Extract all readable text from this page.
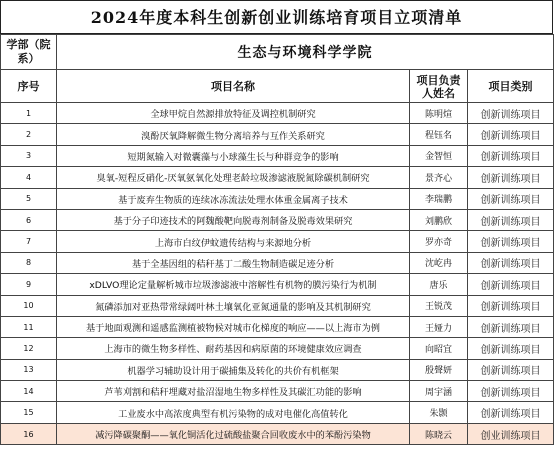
2024年度本科生创新创业训练培育项目立项清单
学部（院系）	生态与环境科学学院		
序号	项目名称	项目负责人姓名	项目类别
1	全球甲烷自然源排放特征及调控机制研究	陈明煊	创新训练项目
2	溴酚厌氧降解微生物分离培养与互作关系研究	程钰名	创新训练项目
3	短期氮输入对微囊藻与小球藻生长与种群竞争的影响	金智恒	创新训练项目
4	臭氧-短程反硝化-厌氧氨氧化处理老龄垃圾渗滤液脱氮除碳机制研究	景齐心	创新训练项目
5	基于废弃生物质的连续冰冻流法处理水体重金属离子技术	李瑞鹏	创新训练项目
6	基于分子印迹技术的阿魏酸靶向脱毒剂制备及脱毒效果研究	刘鹏欣	创新训练项目
7	上海市白纹伊蚊遗传结构与来源地分析	罗亦奇	创新训练项目
8	基于全基因组的秸秆基丁二酸生物制造碳足迹分析	沈屹冉	创新训练项目
9	xDLVO理论定量解析城市垃圾渗滤液中溶解性有机物的膜污染行为机制	唐乐	创新训练项目
10	氮磷添加对亚热带常绿阔叶林土壤氧化亚氮通量的影响及其机制研究	王锐茂	创新训练项目
11	基于地面观测和遥感监测植被物候对城市化梯度的响应——以上海市为例	王娅力	创新训练项目
12	上海市的微生物多样性、耐药基因和病原菌的环境健康效应调查	向昭宜	创新训练项目
13	机器学习辅助设计用于碳捕集及转化的共价有机框架	殷聲妍	创新训练项目
14	芦苇刈割和秸秆埋藏对盐沼湿地生物多样性及其碳汇功能的影响	周宇涵	创新训练项目
15	工业废水中高浓度典型有机污染物的成对电催化高值转化	朱颢	创新训练项目
16	减污降碳聚酮——氧化铜活化过硫酸盐聚合回收废水中的苯酚污染物	陈晓云	创业训练项目
